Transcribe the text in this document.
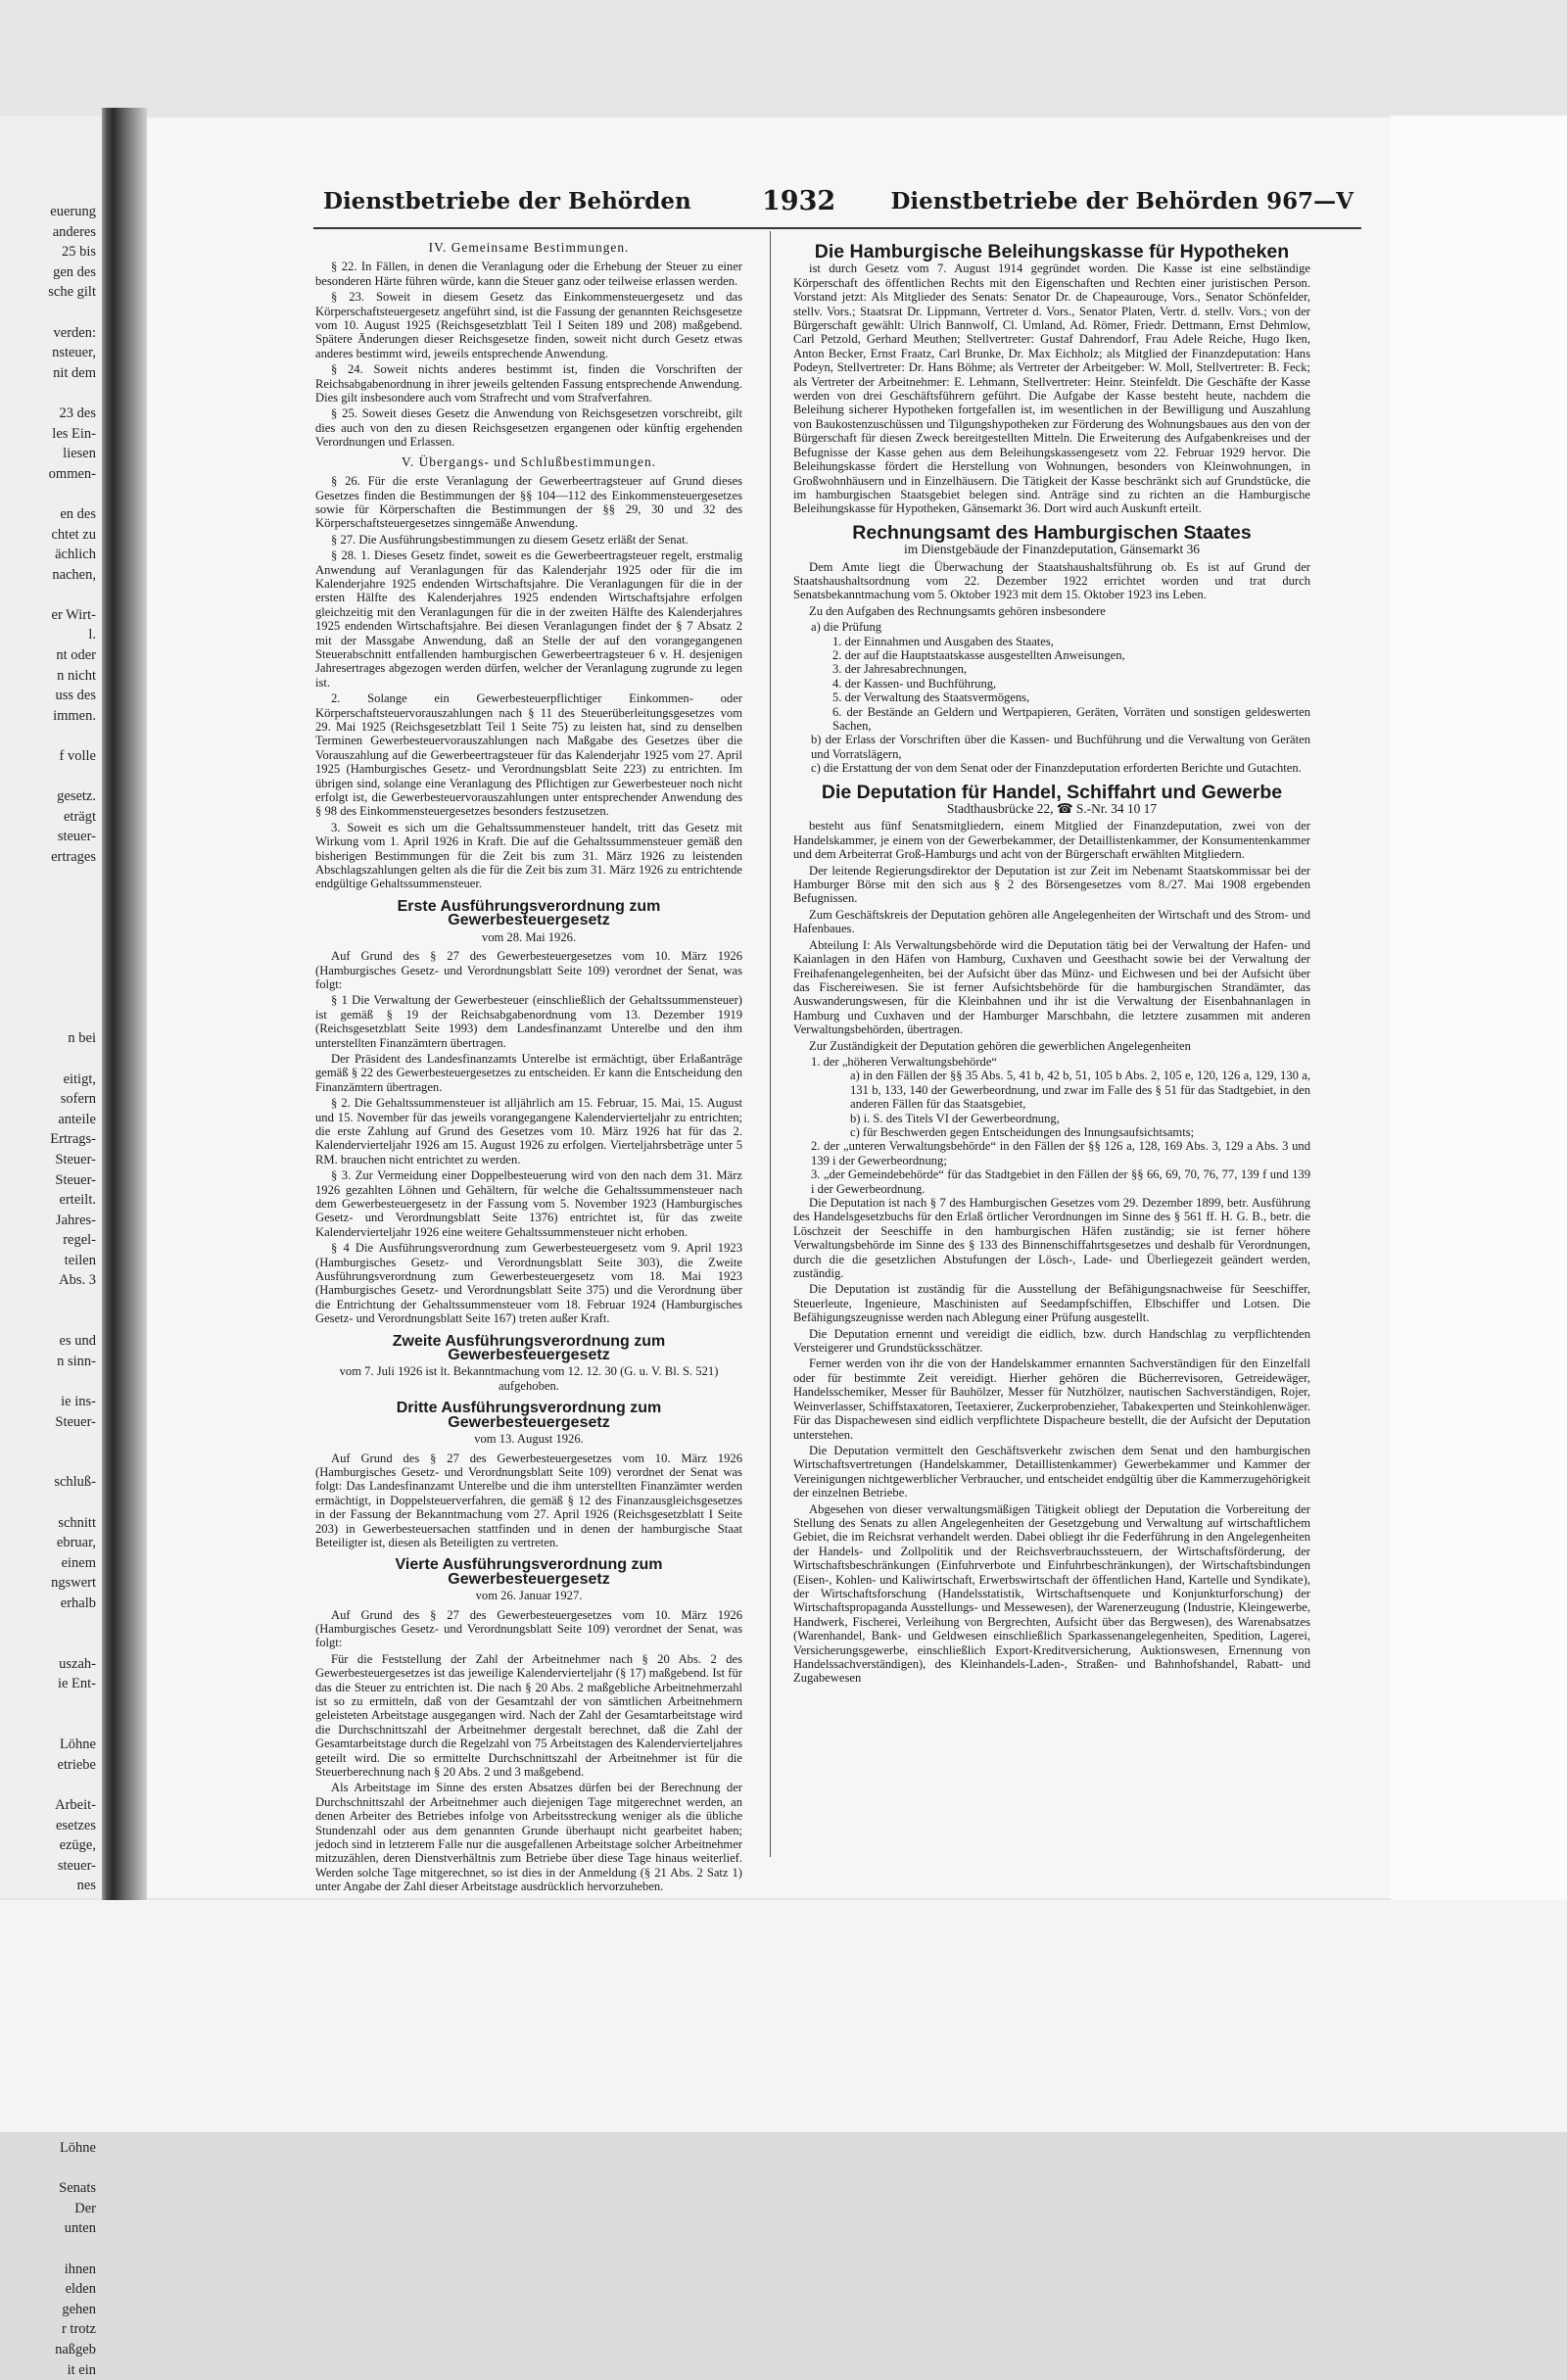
euerung
anderes
25 bis
gen des
sche gilt

verden:
nsteuer,
nit dem

23 des
les Ein-
liesen
ommen-

en des
chtet zu
ächlich
nachen,

er Wirt-
l.
nt oder
n nicht
uss des
immen.

f volle

gesetz.
eträgt
steuer-
ertrages

n bei

eitigt,
sofern
anteile
Ertrags-
Steuer-
Steuer-
erteilt.
Jahres-
regel-
teilen
Abs. 3

es und
n sinn-

ie ins-
Steuer-

schluß-

schnitt
ebruar,
einem
ngswert
erhalb

uszah-
ie Ent-

Löhne
etriebe

Arbeit-
esetzes
ezüge,
steuer-
nes

Löhne

Senats
Der
unten

ihnen
elden
gehen
r trotz
naßgeb
it ein
Dienstbetriebe der Behörden	1932 Dienstbetriebe der Behörden 967—V

IV. Gemeinsame Bestimmungen.

§ 22. In Fällen, in denen die Veranlagung oder die Erhebung der Steuer zu einer besonderen Härte führen würde, kann die Steuer ganz oder teilweise erlassen werden.

§ 23. Soweit in diesem Gesetz das Einkommensteuergesetz und das Körperschaftsteuergesetz angeführt sind, ist die Fassung der genannten Reichsgesetze vom 10. August 1925 (Reichsgesetzblatt Teil I Seiten 189 und 208) maßgebend. Spätere Änderungen dieser Reichsgesetze finden, soweit nicht durch Gesetz etwas anderes bestimmt wird, jeweils entsprechende Anwendung.

§ 24. Soweit nichts anderes bestimmt ist, finden die Vorschriften der Reichsabgabenordnung in ihrer jeweils geltenden Fassung entsprechende Anwendung. Dies gilt insbesondere auch vom Strafrecht und vom Strafverfahren.

§ 25. Soweit dieses Gesetz die Anwendung von Reichsgesetzen vorschreibt, gilt dies auch von den zu diesen Reichsgesetzen ergangenen oder künftig ergehenden Verordnungen und Erlassen.

V. Übergangs- und Schlußbestimmungen.

§ 26. Für die erste Veranlagung der Gewerbeertragsteuer auf Grund dieses Gesetzes finden die Bestimmungen der §§ 104—112 des Einkommensteuergesetzes sowie für Körperschaften die Bestimmungen der §§ 29, 30 und 32 des Körperschaftsteuergesetzes sinngemäße Anwendung.

§ 27. Die Ausführungsbestimmungen zu diesem Gesetz erläßt der Senat.

§ 28. 1. Dieses Gesetz findet, soweit es die Gewerbeertragsteuer regelt, erstmalig Anwendung auf Veranlagungen für das Kalenderjahr 1925 oder für die im Kalenderjahre 1925 endenden Wirtschaftsjahre. Die Veranlagungen für die in der ersten Hälfte des Kalenderjahres 1925 endenden Wirtschaftsjahre erfolgen gleichzeitig mit den Veranlagungen für die in der zweiten Hälfte des Kalenderjahres 1925 endenden Wirtschaftsjahre. Bei diesen Veranlagungen findet der § 7 Absatz 2 mit der Massgabe Anwendung, daß an Stelle der auf den vorangegangenen Steuerabschnitt entfallenden hamburgischen Gewerbeertragsteuer 6 v. H. desjenigen Jahresertrages abgezogen werden dürfen, welcher der Veranlagung zugrunde zu legen ist.

2. Solange ein Gewerbesteuerpflichtiger Einkommen- oder Körperschaftsteuervorauszahlungen nach § 11 des Steuerüberleitungsgesetzes vom 29. Mai 1925 (Reichsgesetzblatt Teil 1 Seite 75) zu leisten hat, sind zu denselben Terminen Gewerbesteuervorauszahlungen nach Maßgabe des Gesetzes über die Vorauszahlung auf die Gewerbeertragsteuer für das Kalenderjahr 1925 vom 27. April 1925 (Hamburgisches Gesetz- und Verordnungsblatt Seite 223) zu entrichten. Im übrigen sind, solange eine Veranlagung des Pflichtigen zur Gewerbesteuer noch nicht erfolgt ist, die Gewerbesteuervorauszahlungen unter entsprechender Anwendung des § 98 des Einkommensteuergesetzes besonders festzusetzen.

3. Soweit es sich um die Gehaltssummensteuer handelt, tritt das Gesetz mit Wirkung vom 1. April 1926 in Kraft. Die auf die Gehaltssummensteuer gemäß den bisherigen Bestimmungen für die Zeit bis zum 31. März 1926 zu leistenden Abschlagszahlungen gelten als die für die Zeit bis zum 31. März 1926 zu entrichtende endgültige Gehaltssummensteuer.

Erste Ausführungsverordnung zum Gewerbesteuergesetz

vom 28. Mai 1926.

Auf Grund des § 27 des Gewerbesteuergesetzes vom 10. März 1926 (Hamburgisches Gesetz- und Verordnungsblatt Seite 109) verordnet der Senat, was folgt:

§ 1 Die Verwaltung der Gewerbesteuer (einschließlich der Gehaltssummensteuer) ist gemäß § 19 der Reichsabgabenordnung vom 13. Dezember 1919 (Reichsgesetzblatt Seite 1993) dem Landesfinanzamt Unterelbe und den ihm unterstellten Finanzämtern übertragen.

Der Präsident des Landesfinanzamts Unterelbe ist ermächtigt, über Erlaßanträge gemäß § 22 des Gewerbesteuergesetzes zu entscheiden. Er kann die Entscheidung den Finanzämtern übertragen.

§ 2. Die Gehaltssummensteuer ist alljährlich am 15. Februar, 15. Mai, 15. August und 15. November für das jeweils vorangegangene Kalendervierteljahr zu entrichten; die erste Zahlung auf Grund des Gesetzes vom 10. März 1926 hat für das 2. Kalendervierteljahr 1926 am 15. August 1926 zu erfolgen. Vierteljahrsbeträge unter 5 RM. brauchen nicht entrichtet zu werden.

§ 3. Zur Vermeidung einer Doppelbesteuerung wird von den nach dem 31. März 1926 gezahlten Löhnen und Gehältern, für welche die Gehaltssummensteuer nach dem Gewerbesteuergesetz in der Fassung vom 5. November 1923 (Hamburgisches Gesetz- und Verordnungsblatt Seite 1376) entrichtet ist, für das zweite Kalendervierteljahr 1926 eine weitere Gehaltssummensteuer nicht erhoben.

§ 4 Die Ausführungsverordnung zum Gewerbesteuergesetz vom 9. April 1923 (Hamburgisches Gesetz- und Verordnungsblatt Seite 303), die Zweite Ausführungsverordnung zum Gewerbesteuergesetz vom 18. Mai 1923 (Hamburgisches Gesetz- und Verordnungsblatt Seite 375) und die Verordnung über die Entrichtung der Gehaltssummensteuer vom 18. Februar 1924 (Hamburgisches Gesetz- und Verordnungsblatt Seite 167) treten außer Kraft.

Zweite Ausführungsverordnung zum Gewerbesteuergesetz

vom 7. Juli 1926 ist lt. Bekanntmachung vom 12. 12. 30 (G. u. V. Bl. S. 521) aufgehoben.

Dritte Ausführungsverordnung zum Gewerbesteuergesetz

vom 13. August 1926.

Auf Grund des § 27 des Gewerbesteuergesetzes vom 10. März 1926 (Hamburgisches Gesetz- und Verordnungsblatt Seite 109) verordnet der Senat was folgt: Das Landesfinanzamt Unterelbe und die ihm unterstellten Finanzämter werden ermächtigt, in Doppelsteuerverfahren, die gemäß § 12 des Finanzausgleichsgesetzes in der Fassung der Bekanntmachung vom 27. April 1926 (Reichsgesetzblatt I Seite 203) in Gewerbesteuersachen stattfinden und in denen der hamburgische Staat Beteiligter ist, diesen als Beteiligten zu vertreten.

Vierte Ausführungsverordnung zum Gewerbesteuergesetz

vom 26. Januar 1927.

Auf Grund des § 27 des Gewerbesteuergesetzes vom 10. März 1926 (Hamburgisches Gesetz- und Verordnungsblatt Seite 109) verordnet der Senat, was folgt:

Für die Feststellung der Zahl der Arbeitnehmer nach § 20 Abs. 2 des Gewerbesteuergesetzes ist das jeweilige Kalendervierteljahr (§ 17) maßgebend. Ist für das die Steuer zu entrichten ist. Die nach § 20 Abs. 2 maßgebliche Arbeitnehmerzahl ist so zu ermitteln, daß von der Gesamtzahl der von sämtlichen Arbeitnehmern geleisteten Arbeitstage ausgegangen wird. Nach der Zahl der Gesamtarbeitstage wird die Durchschnittszahl der Arbeitnehmer dergestalt berechnet, daß die Zahl der Gesamtarbeitstage durch die Regelzahl von 75 Arbeitstagen des Kalendervierteljahres geteilt wird. Die so ermittelte Durchschnittszahl der Arbeitnehmer ist für die Steuerberechnung nach § 20 Abs. 2 und 3 maßgebend.

Als Arbeitstage im Sinne des ersten Absatzes dürfen bei der Berechnung der Durchschnittszahl der Arbeitnehmer auch diejenigen Tage mitgerechnet werden, an denen Arbeiter des Betriebes infolge von Arbeitsstreckung weniger als die übliche Stundenzahl oder aus dem genannten Grunde überhaupt nicht gearbeitet haben; jedoch sind in letzterem Falle nur die ausgefallenen Arbeitstage solcher Arbeitnehmer mitzuzählen, deren Dienstverhältnis zum Betriebe über diese Tage hinaus weiterlief. Werden solche Tage mitgerechnet, so ist dies in der Anmeldung (§ 21 Abs. 2 Satz 1) unter Angabe der Zahl dieser Arbeitstage ausdrücklich hervorzuheben.

Die Hamburgische Beleihungskasse für Hypotheken

ist durch Gesetz vom 7. August 1914 gegründet worden. Die Kasse ist eine selbständige Körperschaft des öffentlichen Rechts mit den Eigenschaften und Rechten einer juristischen Person. Vorstand jetzt: Als Mitglieder des Senats: Senator Dr. de Chapeaurouge, Vors., Senator Schönfelder, stellv. Vors.; Staatsrat Dr. Lippmann, Vertreter d. Vors., Senator Platen, Vertr. d. stellv. Vors.; von der Bürgerschaft gewählt: Ulrich Bannwolf, Cl. Umland, Ad. Römer, Friedr. Dettmann, Ernst Dehmlow, Carl Petzold, Gerhard Meuthen; Stellvertreter: Gustaf Dahrendorf, Frau Adele Reiche, Hugo Iken, Anton Becker, Ernst Fraatz, Carl Brunke, Dr. Max Eichholz; als Mitglied der Finanzdeputation: Hans Podeyn, Stellvertreter: Dr. Hans Böhme; als Vertreter der Arbeitgeber: W. Moll, Stellvertreter: B. Feck; als Vertreter der Arbeitnehmer: E. Lehmann, Stellvertreter: Heinr. Steinfeldt. Die Geschäfte der Kasse werden von drei Geschäftsführern geführt. Die Aufgabe der Kasse besteht heute, nachdem die Beleihung sicherer Hypotheken fortgefallen ist, im wesentlichen in der Bewilligung und Auszahlung von Baukostenzuschüssen und Tilgungshypotheken zur Förderung des Wohnungsbaues aus den von der Bürgerschaft für diesen Zweck bereitgestellten Mitteln. Die Erweiterung des Aufgabenkreises und der Befugnisse der Kasse gehen aus dem Beleihungskassengesetz vom 22. Februar 1929 hervor. Die Beleihungskasse fördert die Herstellung von Wohnungen, besonders von Kleinwohnungen, in Großwohnhäusern und in Einzelhäusern. Die Tätigkeit der Kasse beschränkt sich auf Grundstücke, die im hamburgischen Staatsgebiet belegen sind. Anträge sind zu richten an die Hamburgische Beleihungskasse für Hypotheken, Gänsemarkt 36. Dort wird auch Auskunft erteilt.

Rechnungsamt des Hamburgischen Staates

im Dienstgebäude der Finanzdeputation, Gänsemarkt 36

Dem Amte liegt die Überwachung der Staatshaushaltsführung ob. Es ist auf Grund der Staatshaushaltsordnung vom 22. Dezember 1922 errichtet worden und trat durch Senatsbekanntmachung vom 5. Oktober 1923 mit dem 15. Oktober 1923 ins Leben.

Zu den Aufgaben des Rechnungsamts gehören insbesondere

a) die Prüfung

1. der Einnahmen und Ausgaben des Staates,

2. der auf die Hauptstaatskasse ausgestellten Anweisungen,

3. der Jahresabrechnungen,

4. der Kassen- und Buchführung,

5. der Verwaltung des Staatsvermögens,

6. der Bestände an Geldern und Wertpapieren, Geräten, Vorräten und sonstigen geldeswerten Sachen,

b) der Erlass der Vorschriften über die Kassen- und Buchführung und die Verwaltung von Geräten und Vorratslägern,

c) die Erstattung der von dem Senat oder der Finanzdeputation erforderten Berichte und Gutachten.

Die Deputation für Handel, Schiffahrt und Gewerbe

Stadthausbrücke 22, ☎ S.-Nr. 34 10 17

besteht aus fünf Senatsmitgliedern, einem Mitglied der Finanzdeputation, zwei von der Handelskammer, je einem von der Gewerbekammer, der Detaillistenkammer, der Konsumentenkammer und dem Arbeiterrat Groß-Hamburgs und acht von der Bürgerschaft erwählten Mitgliedern.

Der leitende Regierungsdirektor der Deputation ist zur Zeit im Nebenamt Staatskommissar bei der Hamburger Börse mit den sich aus § 2 des Börsengesetzes vom 8./27. Mai 1908 ergebenden Befugnissen.

Zum Geschäftskreis der Deputation gehören alle Angelegenheiten der Wirtschaft und des Strom- und Hafenbaues.

Abteilung I: Als Verwaltungsbehörde wird die Deputation tätig bei der Verwaltung der Hafen- und Kaianlagen in den Häfen von Hamburg, Cuxhaven und Geesthacht sowie bei der Verwaltung der Freihafenangelegenheiten, bei der Aufsicht über das Münz- und Eichwesen und bei der Aufsicht über das Fischereiwesen. Sie ist ferner Aufsichtsbehörde für die hamburgischen Strandämter, das Auswanderungswesen, für die Kleinbahnen und ihr ist die Verwaltung der Eisenbahnanlagen in Hamburg und Cuxhaven und der Hamburger Marschbahn, die letztere zusammen mit anderen Verwaltungsbehörden, übertragen.

Zur Zuständigkeit der Deputation gehören die gewerblichen Angelegenheiten

1. der „höheren Verwaltungsbehörde“

a) in den Fällen der §§ 35 Abs. 5, 41 b, 42 b, 51, 105 b Abs. 2, 105 e, 120, 126 a, 129, 130 a, 131 b, 133, 140 der Gewerbeordnung, und zwar im Falle des § 51 für das Stadtgebiet, in den anderen Fällen für das Staatsgebiet,

b) i. S. des Titels VI der Gewerbeordnung,

c) für Beschwerden gegen Entscheidungen des Innungsaufsichtsamts;

2. der „unteren Verwaltungsbehörde“ in den Fällen der §§ 126 a, 128, 169 Abs. 3, 129 a Abs. 3 und 139 i der Gewerbeordnung;

3. „der Gemeindebehörde“ für das Stadtgebiet in den Fällen der §§ 66, 69, 70, 76, 77, 139 f und 139 i der Gewerbeordnung.

Die Deputation ist nach § 7 des Hamburgischen Gesetzes vom 29. Dezember 1899, betr. Ausführung des Handelsgesetzbuchs für den Erlaß örtlicher Verordnungen im Sinne des § 561 ff. H. G. B., betr. die Löschzeit der Seeschiffe in den hamburgischen Häfen zuständig; sie ist ferner höhere Verwaltungsbehörde im Sinne des § 133 des Binnenschiffahrtsgesetzes und deshalb für Verordnungen, durch die die gesetzlichen Abstufungen der Lösch-, Lade- und Überliegezeit geändert werden, zuständig.

Die Deputation ist zuständig für die Ausstellung der Befähigungsnachweise für Seeschiffer, Steuerleute, Ingenieure, Maschinisten auf Seedampfschiffen, Elbschiffer und Lotsen. Die Befähigungszeugnisse werden nach Ablegung einer Prüfung ausgestellt.

Die Deputation ernennt und vereidigt die eidlich, bzw. durch Handschlag zu verpflichtenden Versteigerer und Grundstücksschätzer.

Ferner werden von ihr die von der Handelskammer ernannten Sachverständigen für den Einzelfall oder für bestimmte Zeit vereidigt. Hierher gehören die Bücherrevisoren, Getreidewäger, Handelsschemiker, Messer für Bauhölzer, Messer für Nutzhölzer, nautischen Sachverständigen, Rojer, Weinverlasser, Schiffstaxatoren, Teetaxierer, Zuckerprobenzieher, Tabakexperten und Steinkohlenwäger. Für das Dispachewesen sind eidlich verpflichtete Dispacheure bestellt, die der Aufsicht der Deputation unterstehen.

Die Deputation vermittelt den Geschäftsverkehr zwischen dem Senat und den hamburgischen Wirtschaftsvertretungen (Handelskammer, Detaillistenkammer) Gewerbekammer und Kammer der Vereinigungen nichtgewerblicher Verbraucher, und entscheidet endgültig über die Kammerzugehörigkeit der einzelnen Betriebe.

Abgesehen von dieser verwaltungsmäßigen Tätigkeit obliegt der Deputation die Vorbereitung der Stellung des Senats zu allen Angelegenheiten der Gesetzgebung und Verwaltung auf wirtschaftlichem Gebiet, die im Reichsrat verhandelt werden. Dabei obliegt ihr die Federführung in den Angelegenheiten der Handels- und Zollpolitik und der Reichsverbrauchssteuern, der Wirtschaftsförderung, der Wirtschaftsbeschränkungen (Einfuhrverbote und Einfuhrbeschränkungen), der Wirtschaftsbindungen (Eisen-, Kohlen- und Kaliwirtschaft, Erwerbswirtschaft der öffentlichen Hand, Kartelle und Syndikate), der Wirtschaftsforschung (Handelsstatistik, Wirtschaftsenquete und Konjunkturforschung) der Wirtschaftspropaganda Ausstellungs- und Messewesen), der Warenerzeugung (Industrie, Kleingewerbe, Handwerk, Fischerei, Verleihung von Bergrechten, Aufsicht über das Bergwesen), des Warenabsatzes (Warenhandel, Bank- und Geldwesen einschließlich Sparkassenangelegenheiten, Spedition, Lagerei, Versicherungsgewerbe, einschließlich Export-Kreditversicherung, Auktionswesen, Ernennung von Handelssachverständigen), des Kleinhandels-Laden-, Straßen- und Bahnhofshandel, Rabatt- und Zugabewesen
